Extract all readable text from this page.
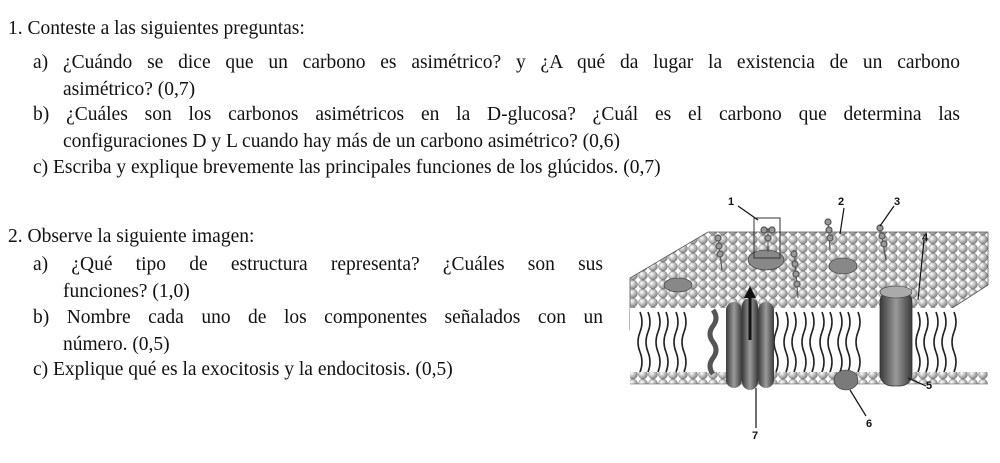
1. Conteste a las siguientes preguntas:
a) ¿Cuándo se dice que un carbono es asimétrico? y ¿A qué da lugar la existencia de un carbono
asimétrico? (0,7)
b) ¿Cuáles son los carbonos asimétricos en la D-glucosa? ¿Cuál es el carbono que determina las
configuraciones D y L cuando hay más de un carbono asimétrico? (0,6)
c) Escriba y explique brevemente las principales funciones de los glúcidos. (0,7)
2. Observe la siguiente imagen:
a) ¿Qué tipo de estructura representa? ¿Cuáles son sus
funciones? (1,0)
b) Nombre cada uno de los componentes señalados con un
número. (0,5)
c) Explique qué es la exocitosis y la endocitosis. (0,5)
1	2	3
4
5
6
7
